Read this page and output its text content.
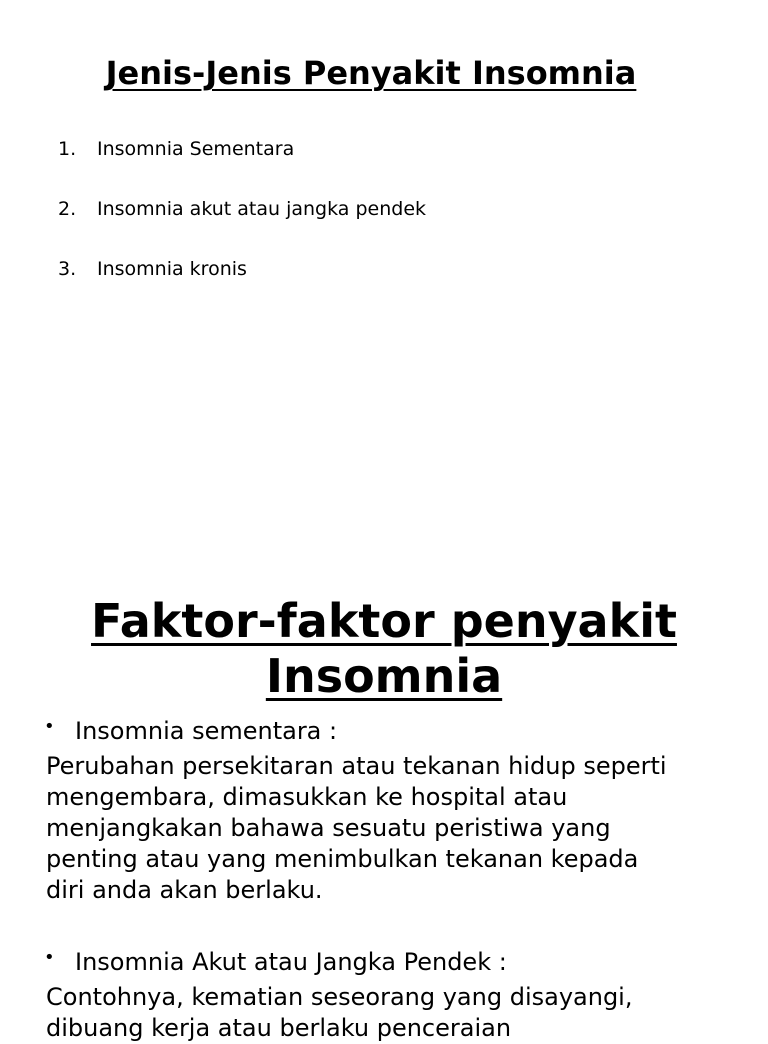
Jenis-Jenis Penyakit Insomnia
1.	Insomnia Sementara
2.	Insomnia akut atau jangka pendek
3.	Insomnia kronis
Faktor-faktor penyakit
Insomnia
• Insomnia sementara :
Perubahan persekitaran atau tekanan hidup seperti
mengembara, dimasukkan ke hospital atau
menjangkakan bahawa sesuatu peristiwa yang
penting atau yang menimbulkan tekanan kepada
diri anda akan berlaku.
• Insomnia Akut atau Jangka Pendek :
Contohnya, kematian seseorang yang disayangi,
dibuang kerja atau berlaku penceraian
